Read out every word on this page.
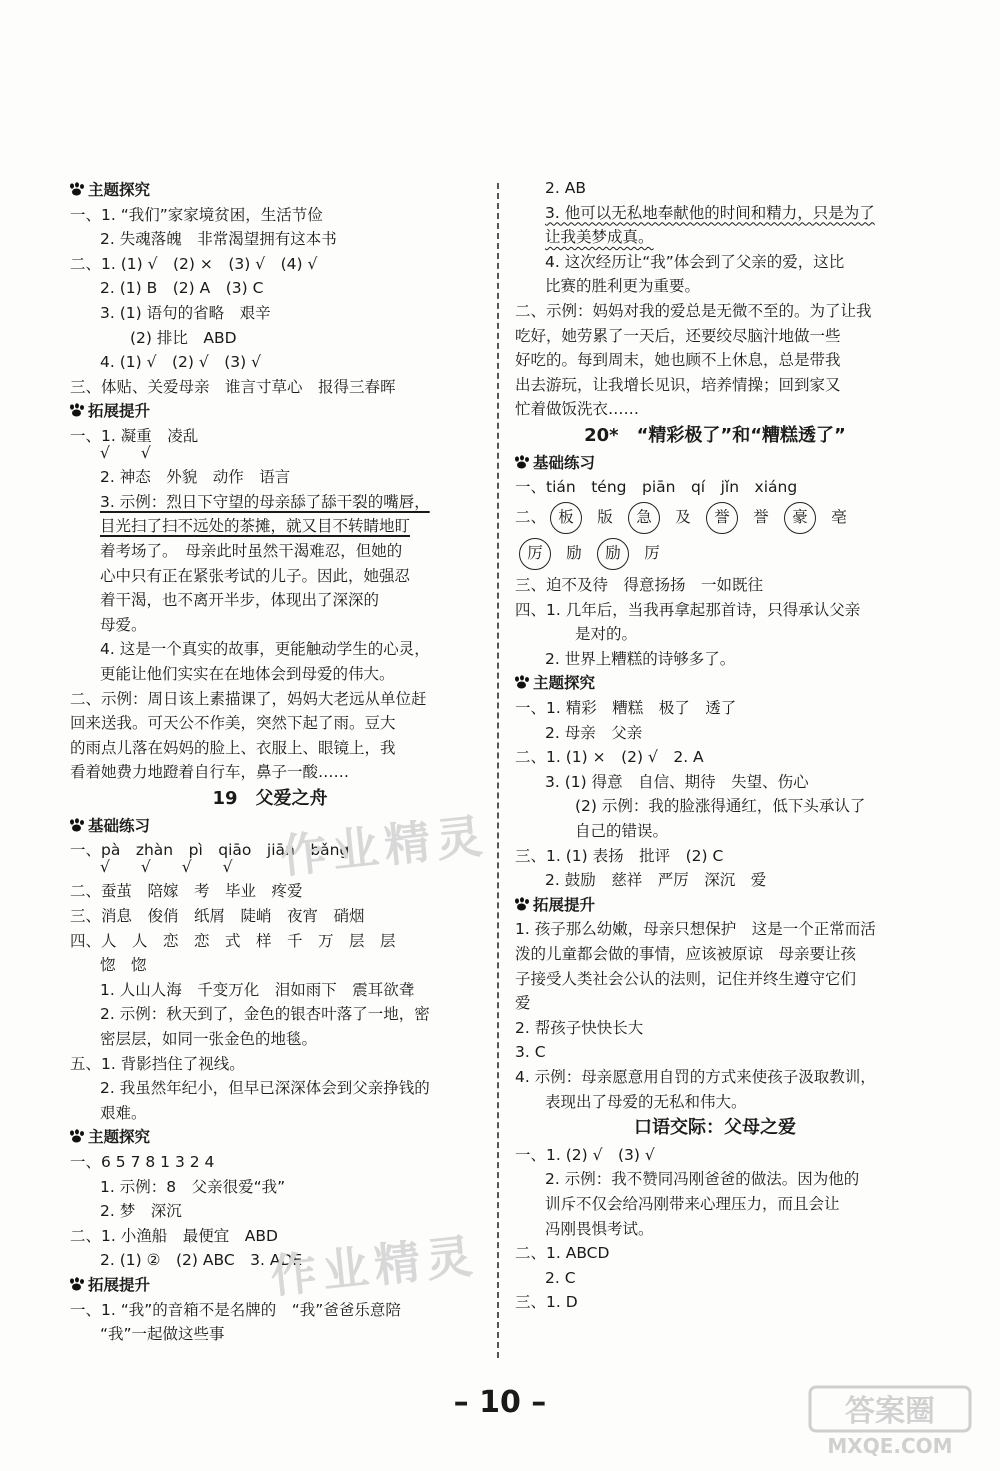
主题探究
一、1. “我们”家家境贫困，生活节俭
2. 失魂落魄　非常渴望拥有这本书
二、1. (1) √　(2) ×　(3) √　(4) √
2. (1) B　(2) A　(3) C
3. (1) 语句的省略　艰辛
(2) 排比　ABD
4. (1) √　(2) √　(3) √
三、体贴、关爱母亲　谁言寸草心　报得三春晖
拓展提升
一、1. 凝重　凌乱
√　　√
2. 神态　外貌　动作　语言
3. 示例：烈日下守望的母亲舔了舔干裂的嘴唇，
目光扫了扫不远处的茶摊，就又目不转睛地盯
着考场了。　母亲此时虽然干渴难忍，但她的
心中只有正在紧张考试的儿子。因此，她强忍
着干渴，也不离开半步，体现出了深深的
母爱。
4. 这是一个真实的故事，更能触动学生的心灵，
更能让他们实实在在地体会到母爱的伟大。
二、示例：周日该上素描课了，妈妈大老远从单位赶
回来送我。可天公不作美，突然下起了雨。豆大
的雨点儿落在妈妈的脸上、衣服上、眼镜上，我
看着她费力地蹬着自行车，鼻子一酸……
19　父爱之舟
基础练习
一、pà　zhàn　pì　qiāo　jiān　bǎng
√　　√　　√　　√
二、蚕茧　陪嫁　考　毕业　疼爱
三、消息　俊俏　纸屑　陡峭　夜宵　硝烟
四、人　人　恋　恋　式　样　千　万　层　层
惚　惚
1. 人山人海　千变万化　泪如雨下　震耳欲聋
2. 示例：秋天到了，金色的银杏叶落了一地，密
密层层，如同一张金色的地毯。
五、1. 背影挡住了视线。
2. 我虽然年纪小，但早已深深体会到父亲挣钱的
艰难。
主题探究
一、6 5 7 8 1 3 2 4
1. 示例：8　父亲很爱“我”
2. 梦　深沉
二、1. 小渔船　最便宜　ABD
2. (1) ②　(2) ABC　3. ADE
拓展提升
一、1. “我”的音箱不是名牌的　“我”爸爸乐意陪
“我”一起做这些事
2. AB
3. 他可以无私地奉献他的时间和精力，只是为了
让我美梦成真。
4. 这次经历让“我”体会到了父亲的爱，这比
比赛的胜利更为重要。
二、示例：妈妈对我的爱总是无微不至的。为了让我
吃好，她劳累了一天后，还要绞尽脑汁地做一些
好吃的。每到周末，她也顾不上休息，总是带我
出去游玩，让我增长见识，培养情操；回到家又
忙着做饭洗衣……
20*　“精彩极了”和“糟糕透了”
基础练习
一、tián　téng　piān　qí　jǐn　xiáng
二、 板 版 急 及 誉 誉 豪 亳
厉 励 励 厉
三、迫不及待　得意扬扬　一如既往
四、1. 几年后，当我再拿起那首诗，只得承认父亲
是对的。
2. 世界上糟糕的诗够多了。
主题探究
一、1. 精彩　糟糕　极了　透了
2. 母亲　父亲
二、1. (1) ×　(2) √　2. A
3. (1) 得意　自信、期待　失望、伤心
(2) 示例：我的脸涨得通红，低下头承认了
自己的错误。
三、1. (1) 表扬　批评　(2) C
2. 鼓励　慈祥　严厉　深沉　爱
拓展提升
1. 孩子那么幼嫩，母亲只想保护　这是一个正常而活
泼的儿童都会做的事情，应该被原谅　母亲要让孩
子接受人类社会公认的法则，记住并终生遵守它们
爱
2. 帮孩子快快长大
3. C
4. 示例：母亲愿意用自罚的方式来使孩子汲取教训，
表现出了母爱的无私和伟大。
口语交际：父母之爱
一、1. (2) √　(3) √
2. 示例：我不赞同冯刚爸爸的做法。因为他的
训斥不仅会给冯刚带来心理压力，而且会让
冯刚畏惧考试。
二、1. ABCD
2. C
三、1. D
作业精灵
作业精灵
– 10 –	答案圈
MXQE.COM
